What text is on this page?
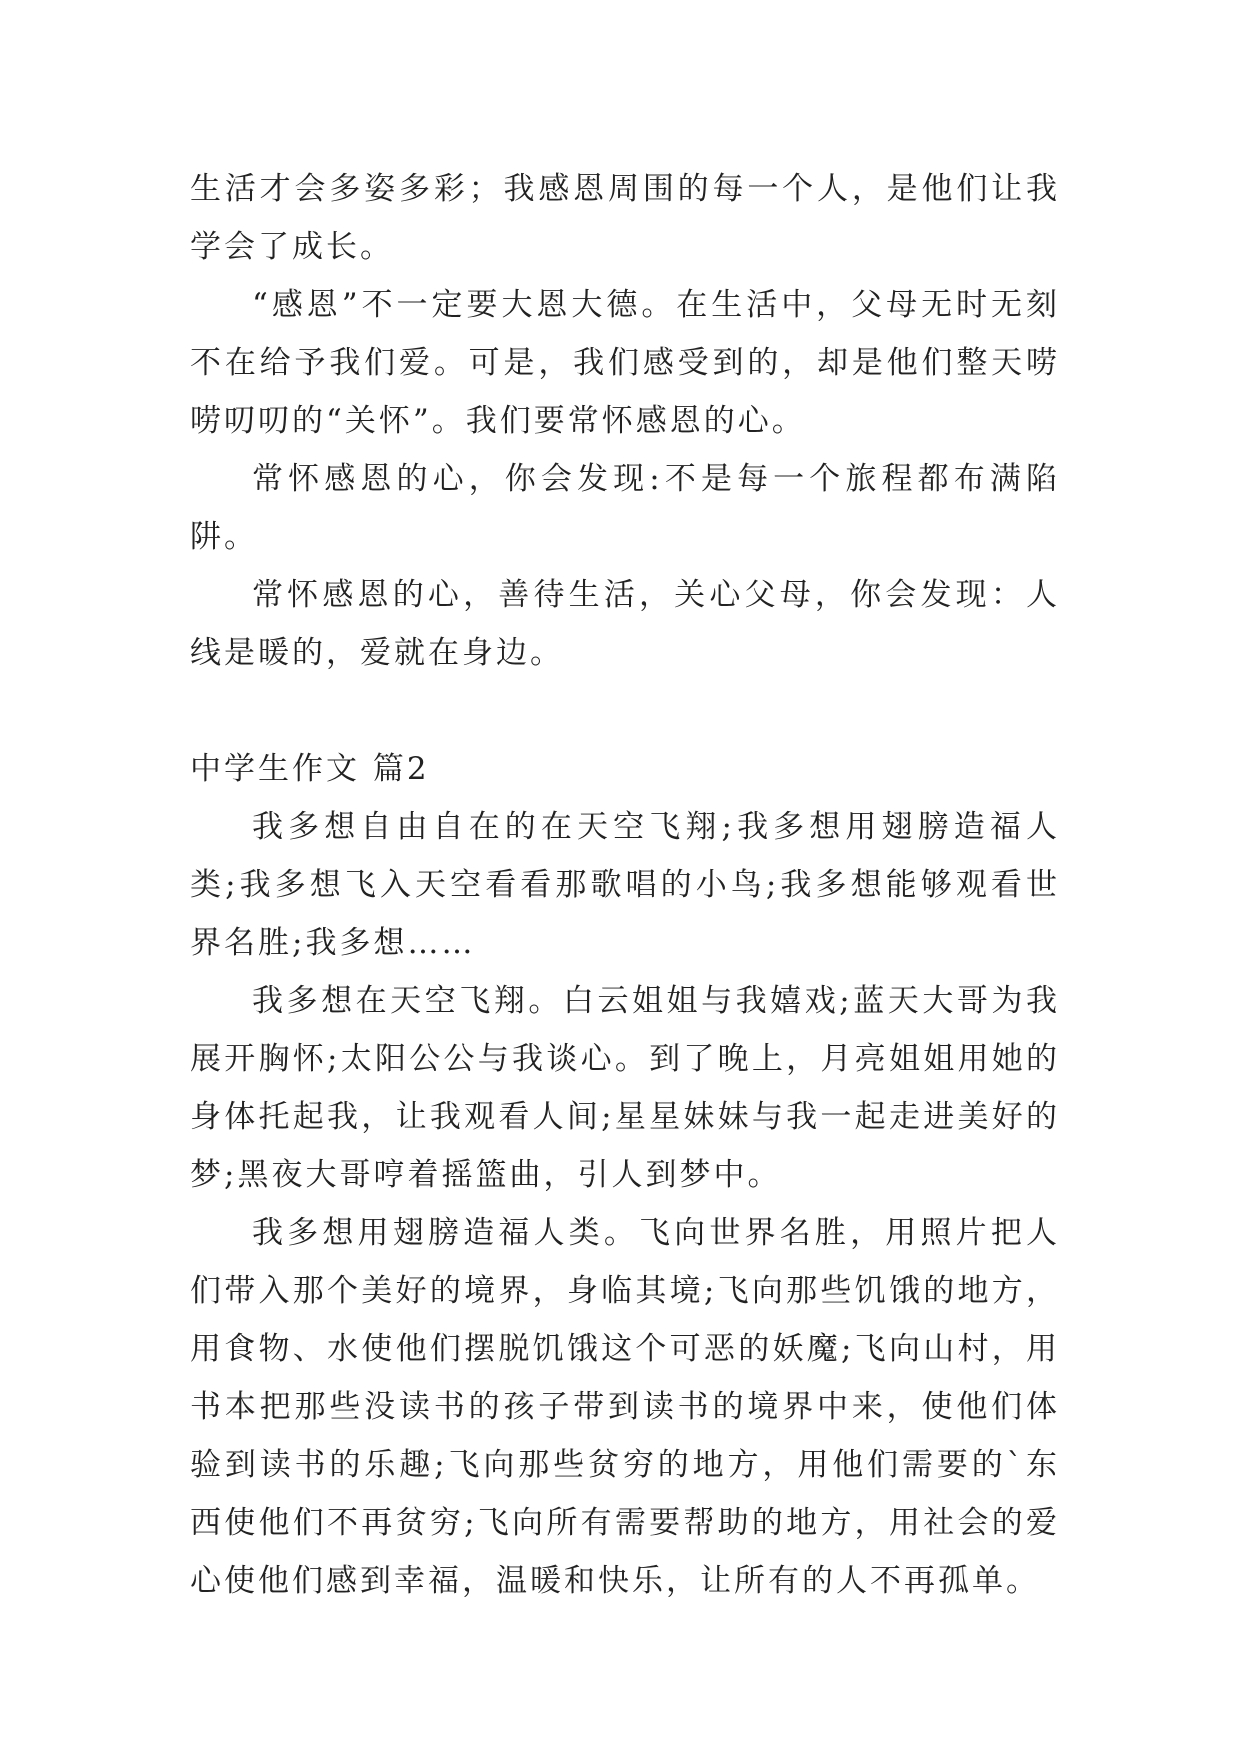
生活才会多姿多彩；我感恩周围的每一个人，是他们让我学会了成长。

“感恩”不一定要大恩大德。在生活中，父母无时无刻不在给予我们爱。可是，我们感受到的，却是他们整天唠唠叨叨的“关怀”。我们要常怀感恩的心。

常怀感恩的心，你会发现:不是每一个旅程都布满陷阱。

常怀感恩的心，善待生活，关心父母，你会发现：人线是暖的，爱就在身边。

中学生作文 篇2

我多想自由自在的在天空飞翔;我多想用翅膀造福人类;我多想飞入天空看看那歌唱的小鸟;我多想能够观看世界名胜;我多想……

我多想在天空飞翔。白云姐姐与我嬉戏;蓝天大哥为我展开胸怀;太阳公公与我谈心。到了晚上，月亮姐姐用她的身体托起我，让我观看人间;星星妹妹与我一起走进美好的梦;黑夜大哥哼着摇篮曲，引人到梦中。

我多想用翅膀造福人类。飞向世界名胜，用照片把人们带入那个美好的境界，身临其境;飞向那些饥饿的地方，用食物、水使他们摆脱饥饿这个可恶的妖魔;飞向山村，用书本把那些没读书的孩子带到读书的境界中来，使他们体验到读书的乐趣;飞向那些贫穷的地方，用他们需要的`东西使他们不再贫穷;飞向所有需要帮助的地方，用社会的爱心使他们感到幸福，温暖和快乐，让所有的人不再孤单。
